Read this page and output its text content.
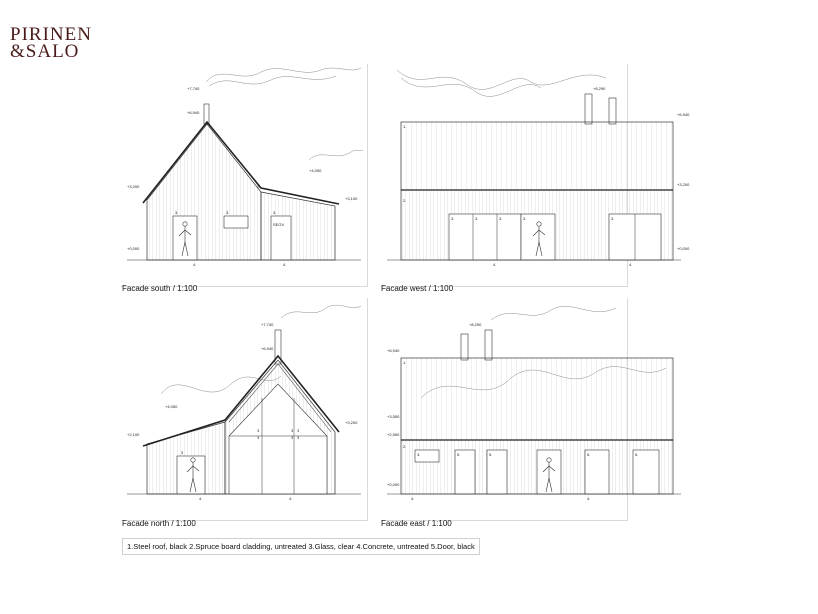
PIRINEN
&SALO
+7,740
+6,940
+3,200
+4,050
+3,100
+0,000
2.
3.	3.	3.
SEGV
4.	4.
Facade south / 1:100
+8,290
+6,940
+3,200
+0,000
1.
2.
3.	3.	3.	3.	3.
4.	4.
Facade west / 1:100
+7,740
+6,940
+4,050
+2,100
+3,200
3
3
3 3
3 3
3
4.	4.
Facade north / 1:100
+8,290
+6,940
+3,550
+2,550
+0,000
1.
2.
3.	5.	5.	5.	5.
4.	4.
Facade east / 1:100
1.Steel roof, black 2.Spruce board cladding, untreated 3.Glass, clear 4.Concrete, untreated 5.Door, black
